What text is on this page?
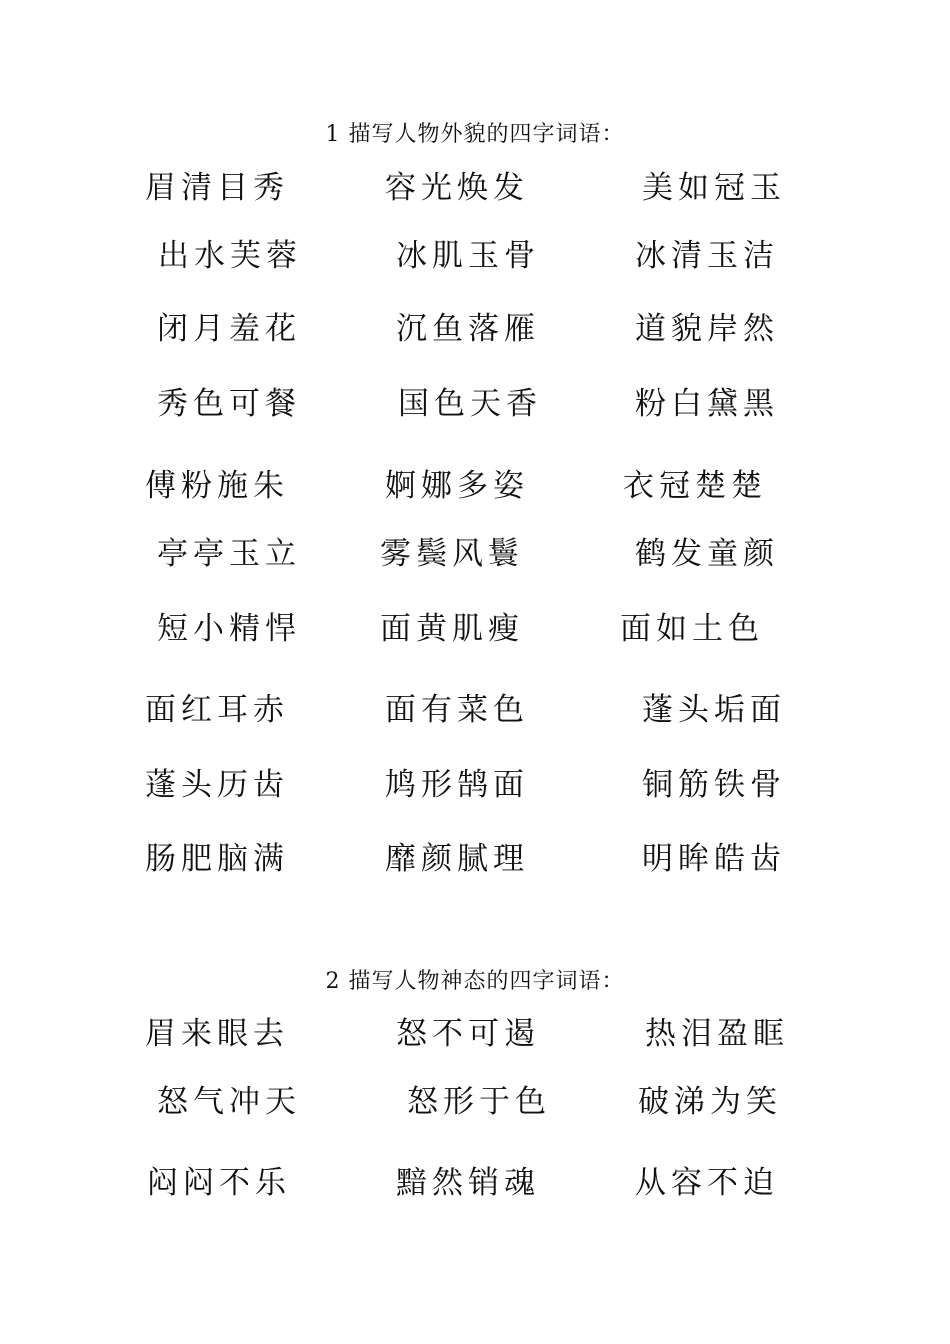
1 描写人物外貌的四字词语：
眉清目秀	容光焕发	美如冠玉
出水芙蓉	冰肌玉骨	冰清玉洁
闭月羞花	沉鱼落雁	道貌岸然
秀色可餐	国色天香	粉白黛黑
傅粉施朱	婀娜多姿	衣冠楚楚
亭亭玉立	雾鬓风鬟	鹤发童颜
短小精悍	面黄肌瘦	面如土色
面红耳赤	面有菜色	蓬头垢面
蓬头历齿	鸠形鹄面	铜筋铁骨
肠肥脑满	靡颜腻理	明眸皓齿
2 描写人物神态的四字词语：
眉来眼去	怒不可遏	热泪盈眶
怒气冲天	怒形于色	破涕为笑
闷闷不乐	黯然销魂	从容不迫
